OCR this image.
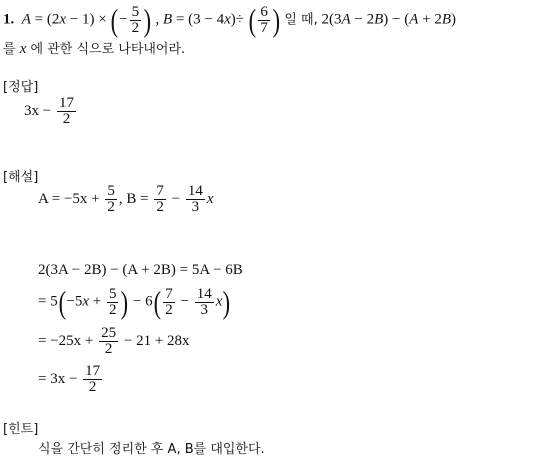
1. A = (2x − 1) × (− $\frac{5}{2}$ ) , B = (3 − 4x)÷ ( $\frac{6}{7}$ ) 일 때, 2(3A − 2B) − (A + 2B)
를 x 에 관한 식으로 나타내어라.
[정답]
$3x - \frac{17}{2}$
[해설]
$A = -5x + \frac{5}{2}$ , $B = \frac{7}{2} - \frac{14}{3}$ x
2(3A − 2B) − (A + 2B) = 5A − 6B
= $5(-5x + \frac{5}{2}$ ) − $6( \frac{7}{2} - \frac{14}{3} x)$
= $-25x + \frac{25}{2} - 21 + 28x$
= $3x - \frac{17}{2}$
[힌트]
식을 간단히 정리한 후 A, B를 대입한다.
